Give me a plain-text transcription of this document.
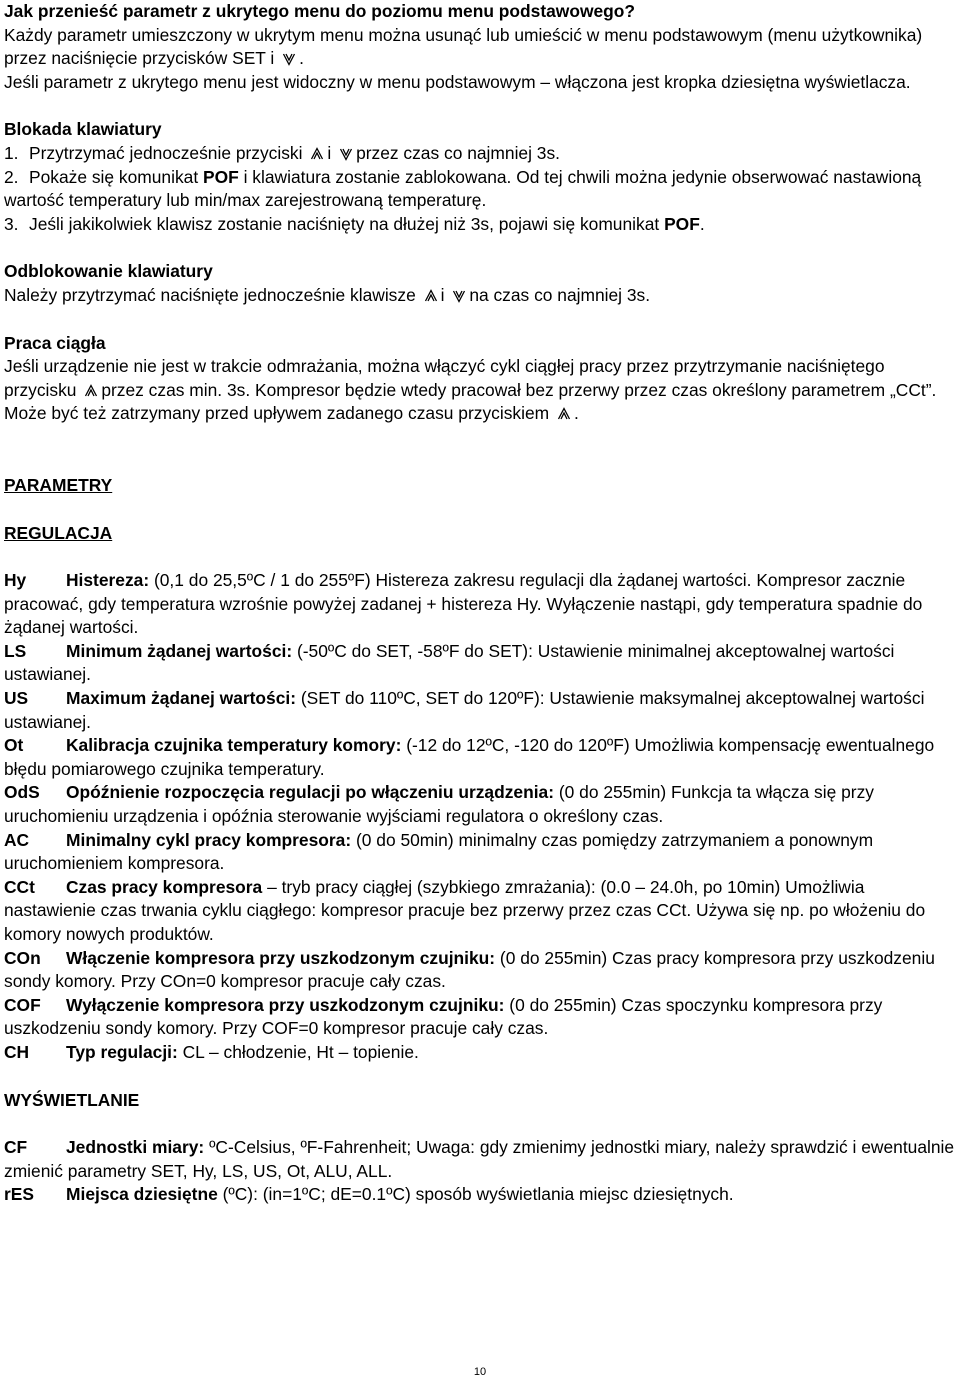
Jak przenieść parametr z ukrytego menu do poziomu menu podstawowego?

Każdy parametr umieszczony w ukrytym menu można usunąć lub umieścić w menu podstawowym (menu użytkownika) przez naciśnięcie przycisków SET i .

Jeśli parametr z ukrytego menu jest widoczny w menu podstawowym – włączona jest kropka dziesiętna wyświetlacza.

Blokada klawiatury

1. Przytrzymać jednocześnie przyciski i przez czas co najmniej 3s.

2. Pokaże się komunikat POF i klawiatura zostanie zablokowana. Od tej chwili można jedynie obserwować nastawioną wartość temperatury lub min/max zarejestrowaną temperaturę.

3. Jeśli jakikolwiek klawisz zostanie naciśnięty na dłużej niż 3s, pojawi się komunikat POF.

Odblokowanie klawiatury

Należy przytrzymać naciśnięte jednocześnie klawisze i na czas co najmniej 3s.

Praca ciągła

Jeśli urządzenie nie jest w trakcie odmrażania, można włączyć cykl ciągłej pracy przez przytrzymanie naciśniętego przycisku przez czas min. 3s. Kompresor będzie wtedy pracował bez przerwy przez czas określony parametrem „CCt”. Może być też zatrzymany przed upływem zadanego czasu przyciskiem .

PARAMETRY

REGULACJA

Hy Histereza: (0,1 do 25,5ºC / 1 do 255ºF) Histereza zakresu regulacji dla żądanej wartości. Kompresor zacznie pracować, gdy temperatura wzrośnie powyżej zadanej + histereza Hy. Wyłączenie nastąpi, gdy temperatura spadnie do żądanej wartości.

LS Minimum żądanej wartości: (-50ºC do SET, -58ºF do SET): Ustawienie minimalnej akceptowalnej wartości ustawianej.

US Maximum żądanej wartości: (SET do 110ºC, SET do 120ºF): Ustawienie maksymalnej akceptowalnej wartości ustawianej.

Ot Kalibracja czujnika temperatury komory: (-12 do 12ºC, -120 do 120ºF) Umożliwia kompensację ewentualnego błędu pomiarowego czujnika temperatury.

OdS Opóźnienie rozpoczęcia regulacji po włączeniu urządzenia: (0 do 255min) Funkcja ta włącza się przy uruchomieniu urządzenia i opóźnia sterowanie wyjściami regulatora o określony czas.

AC Minimalny cykl pracy kompresora: (0 do 50min) minimalny czas pomiędzy zatrzymaniem a ponownym uruchomieniem kompresora.

CCt Czas pracy kompresora – tryb pracy ciągłej (szybkiego zmrażania): (0.0 – 24.0h, po 10min) Umożliwia nastawienie czas trwania cyklu ciągłego: kompresor pracuje bez przerwy przez czas CCt. Używa się np. po włożeniu do komory nowych produktów.

COn Włączenie kompresora przy uszkodzonym czujniku: (0 do 255min) Czas pracy kompresora przy uszkodzeniu sondy komory. Przy COn=0 kompresor pracuje cały czas.

COF Wyłączenie kompresora przy uszkodzonym czujniku: (0 do 255min) Czas spoczynku kompresora przy uszkodzeniu sondy komory. Przy COF=0 kompresor pracuje cały czas.

CH Typ regulacji: CL – chłodzenie, Ht – topienie.

WYŚWIETLANIE

CF Jednostki miary: ºC-Celsius, ºF-Fahrenheit; Uwaga: gdy zmienimy jednostki miary, należy sprawdzić i ewentualnie zmienić parametry SET, Hy, LS, US, Ot, ALU, ALL.

rES Miejsca dziesiętne (ºC): (in=1ºC; dE=0.1ºC) sposób wyświetlania miejsc dziesiętnych.

10
